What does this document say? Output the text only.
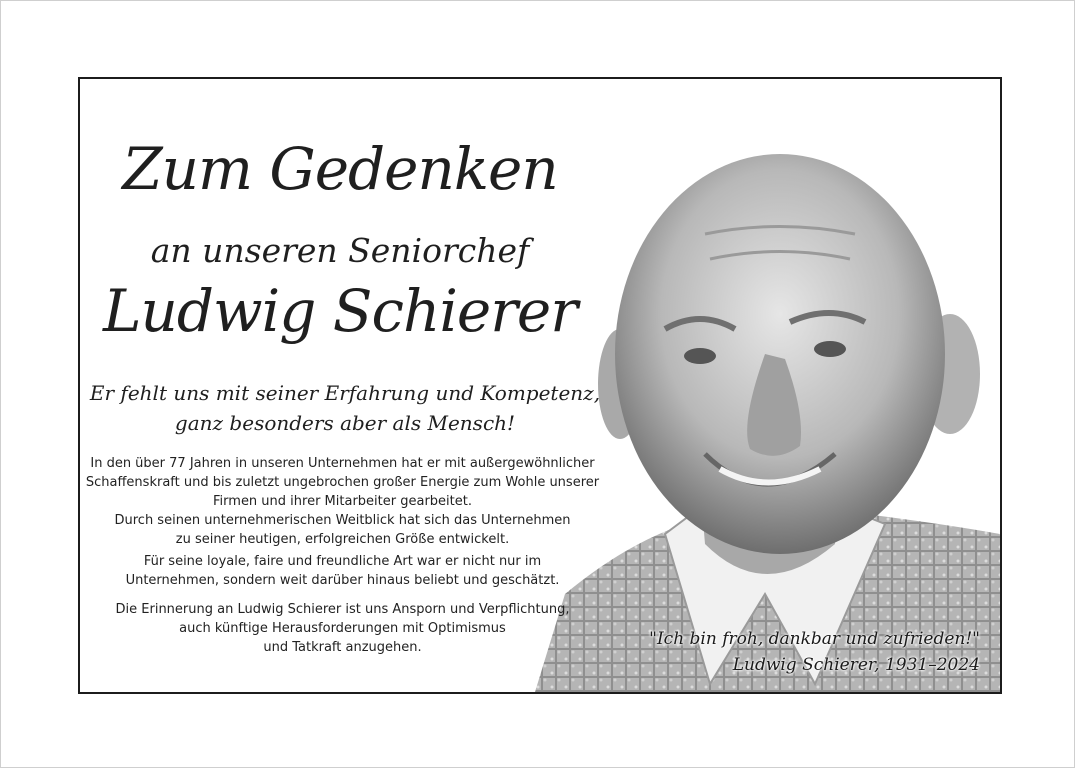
Zum Gedenken
an unseren Seniorchef
Ludwig Schierer
Er fehlt uns mit seiner Erfahrung und Kompetenz,
ganz besonders aber als Mensch!
In den über 77 Jahren in unseren Unternehmen hat er mit außergewöhnlicher
Schaffenskraft und bis zuletzt ungebrochen großer Energie zum Wohle unserer
Firmen und ihrer Mitarbeiter gearbeitet.
Durch seinen unternehmerischen Weitblick hat sich das Unternehmen
zu seiner heutigen, erfolgreichen Größe entwickelt.
Für seine loyale, faire und freundliche Art war er nicht nur im
Unternehmen, sondern weit darüber hinaus beliebt und geschätzt.
Die Erinnerung an Ludwig Schierer ist uns Ansporn und Verpflichtung,
auch künftige Herausforderungen mit Optimismus
und Tatkraft anzugehen.	"Ich bin froh, dankbar und zufrieden!"
Ludwig Schierer, 1931–2024
